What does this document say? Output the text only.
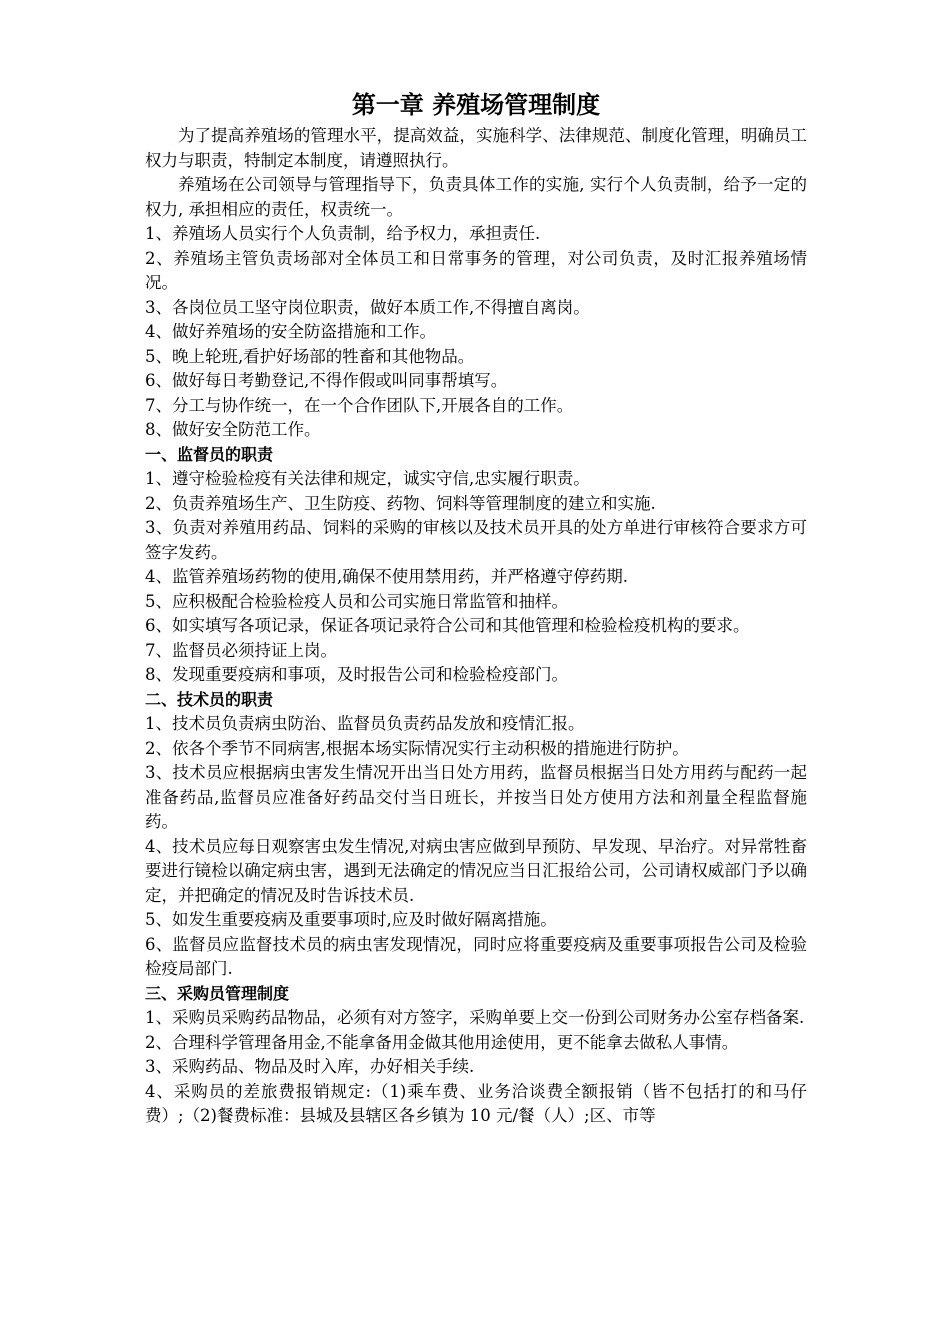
第一章 养殖场管理制度

为了提高养殖场的管理水平，提高效益，实施科学、法律规范、制度化管理，明确员工权力与职责，特制定本制度，请遵照执行。

养殖场在公司领导与管理指导下，负责具体工作的实施, 实行个人负责制，给予一定的权力, 承担相应的责任，权责统一。

1、养殖场人员实行个人负责制，给予权力，承担责任.

2、养殖场主管负责场部对全体员工和日常事务的管理，对公司负责，及时汇报养殖场情况。

3、各岗位员工坚守岗位职责，做好本质工作,不得擅自离岗。

4、做好养殖场的安全防盗措施和工作。

5、晚上轮班,看护好场部的牲畜和其他物品。

6、做好每日考勤登记,不得作假或叫同事帮填写。

7、分工与协作统一，在一个合作团队下,开展各自的工作。

8、做好安全防范工作。

一、监督员的职责

1、遵守检验检疫有关法律和规定，诚实守信,忠实履行职责。

2、负责养殖场生产、卫生防疫、药物、饲料等管理制度的建立和实施.

3、负责对养殖用药品、饲料的采购的审核以及技术员开具的处方单进行审核符合要求方可签字发药。

4、监管养殖场药物的使用,确保不使用禁用药，并严格遵守停药期.

5、应积极配合检验检疫人员和公司实施日常监管和抽样。

6、如实填写各项记录，保证各项记录符合公司和其他管理和检验检疫机构的要求。

7、监督员必须持证上岗。

8、发现重要疫病和事项，及时报告公司和检验检疫部门。

二、技术员的职责

1、技术员负责病虫防治、监督员负责药品发放和疫情汇报。

2、依各个季节不同病害,根据本场实际情况实行主动积极的措施进行防护。

3、技术员应根据病虫害发生情况开出当日处方用药，监督员根据当日处方用药与配药一起准备药品,监督员应准备好药品交付当日班长，并按当日处方使用方法和剂量全程监督施药。

4、技术员应每日观察害虫发生情况,对病虫害应做到早预防、早发现、早治疗。对异常牲畜要进行镜检以确定病虫害，遇到无法确定的情况应当日汇报给公司，公司请权威部门予以确定，并把确定的情况及时告诉技术员.

5、如发生重要疫病及重要事项时,应及时做好隔离措施。

6、监督员应监督技术员的病虫害发现情况，同时应将重要疫病及重要事项报告公司及检验检疫局部门.

三、采购员管理制度

1、采购员采购药品物品，必须有对方签字，采购单要上交一份到公司财务办公室存档备案.

2、合理科学管理备用金,不能拿备用金做其他用途使用，更不能拿去做私人事情。

3、采购药品、物品及时入库，办好相关手续.

4、采购员的差旅费报销规定:（1)乘车费、业务洽谈费全额报销（皆不包括打的和马仔费）;（2)餐费标准：县城及县辖区各乡镇为 10 元/餐（人）;区、市等
